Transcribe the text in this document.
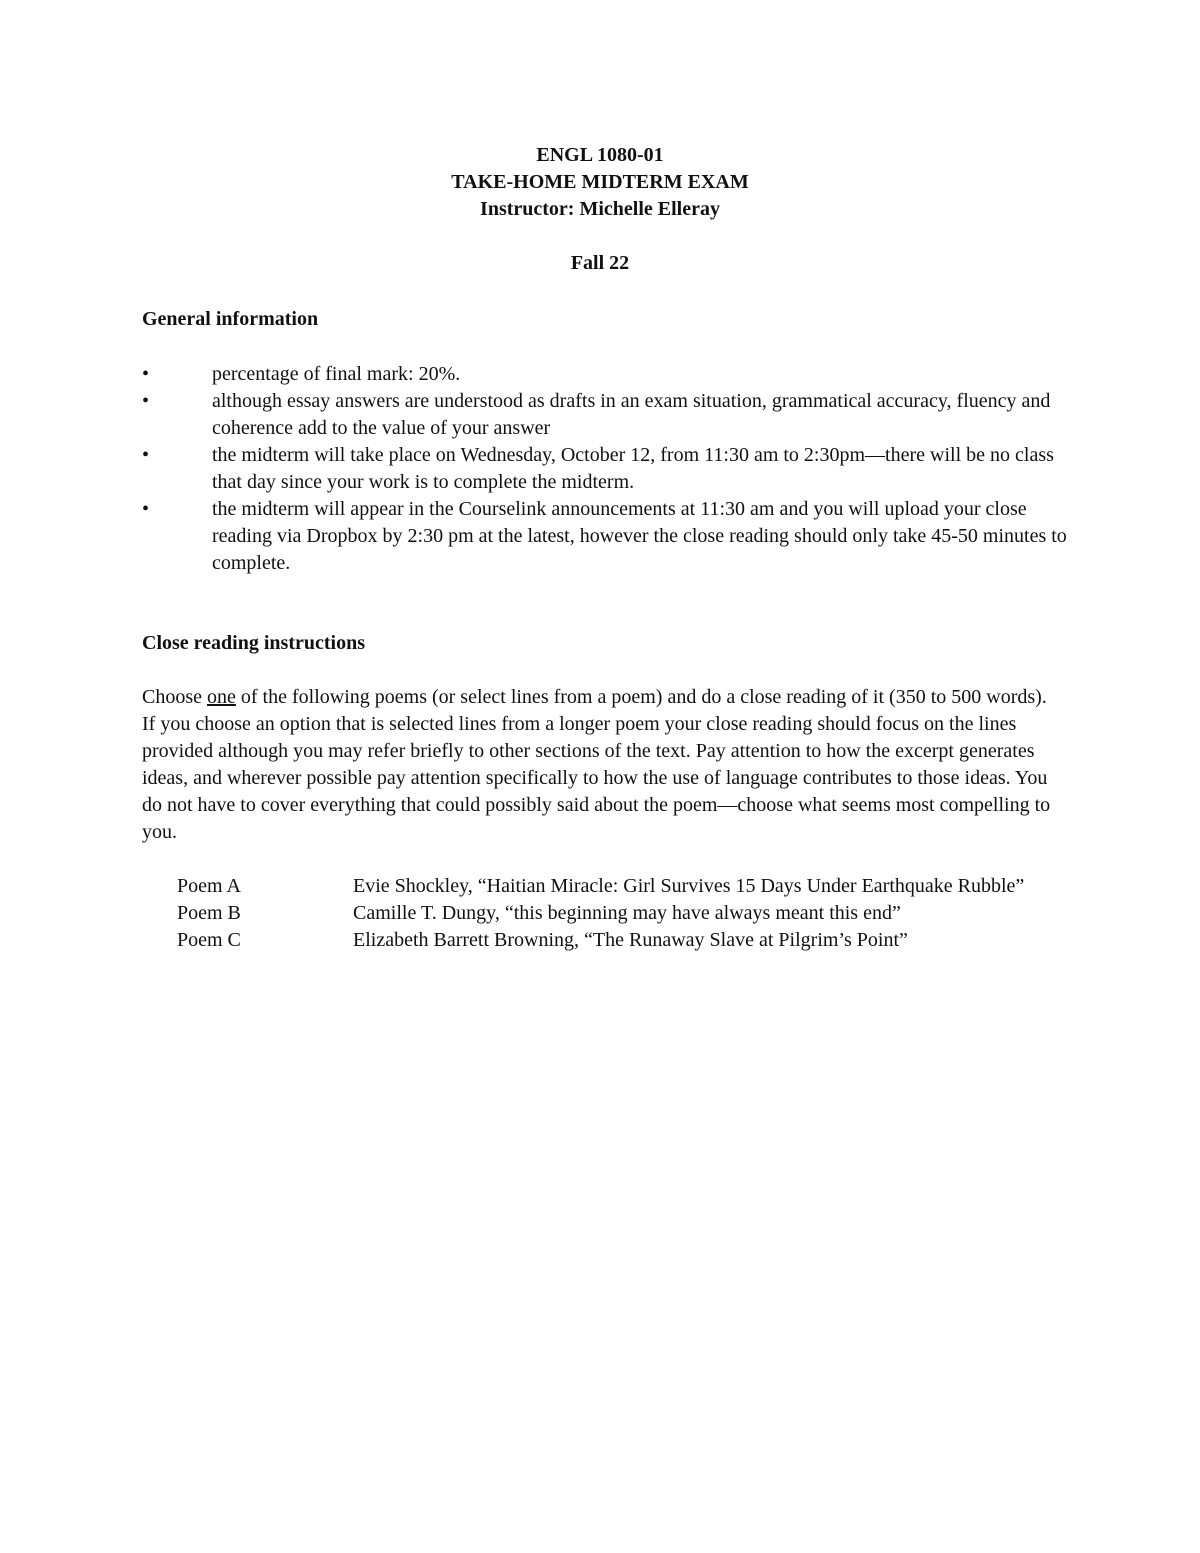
ENGL 1080-01
TAKE-HOME MIDTERM EXAM
Instructor: Michelle Elleray
Fall 22
General information
•	percentage of final mark: 20%.
•	although essay answers are understood as drafts in an exam situation, grammatical accuracy, fluency and coherence add to the value of your answer
•	the midterm will take place on Wednesday, October 12, from 11:30 am to 2:30pm—there will be no class that day since your work is to complete the midterm.
•	the midterm will appear in the Courselink announcements at 11:30 am and you will upload your close reading via Dropbox by 2:30 pm at the latest, however the close reading should only take 45-50 minutes to complete.
Close reading instructions

Choose one of the following poems (or select lines from a poem) and do a close reading of it (350 to 500 words). If you choose an option that is selected lines from a longer poem your close reading should focus on the lines provided although you may refer briefly to other sections of the text. Pay attention to how the excerpt generates ideas, and wherever possible pay attention specifically to how the use of language contributes to those ideas. You do not have to cover everything that could possibly said about the poem—choose what seems most compelling to you.

Poem A	Evie Shockley, “Haitian Miracle: Girl Survives 15 Days Under Earthquake Rubble”
Poem B	Camille T. Dungy, “this beginning may have always meant this end”
Poem C	Elizabeth Barrett Browning, “The Runaway Slave at Pilgrim’s Point”
